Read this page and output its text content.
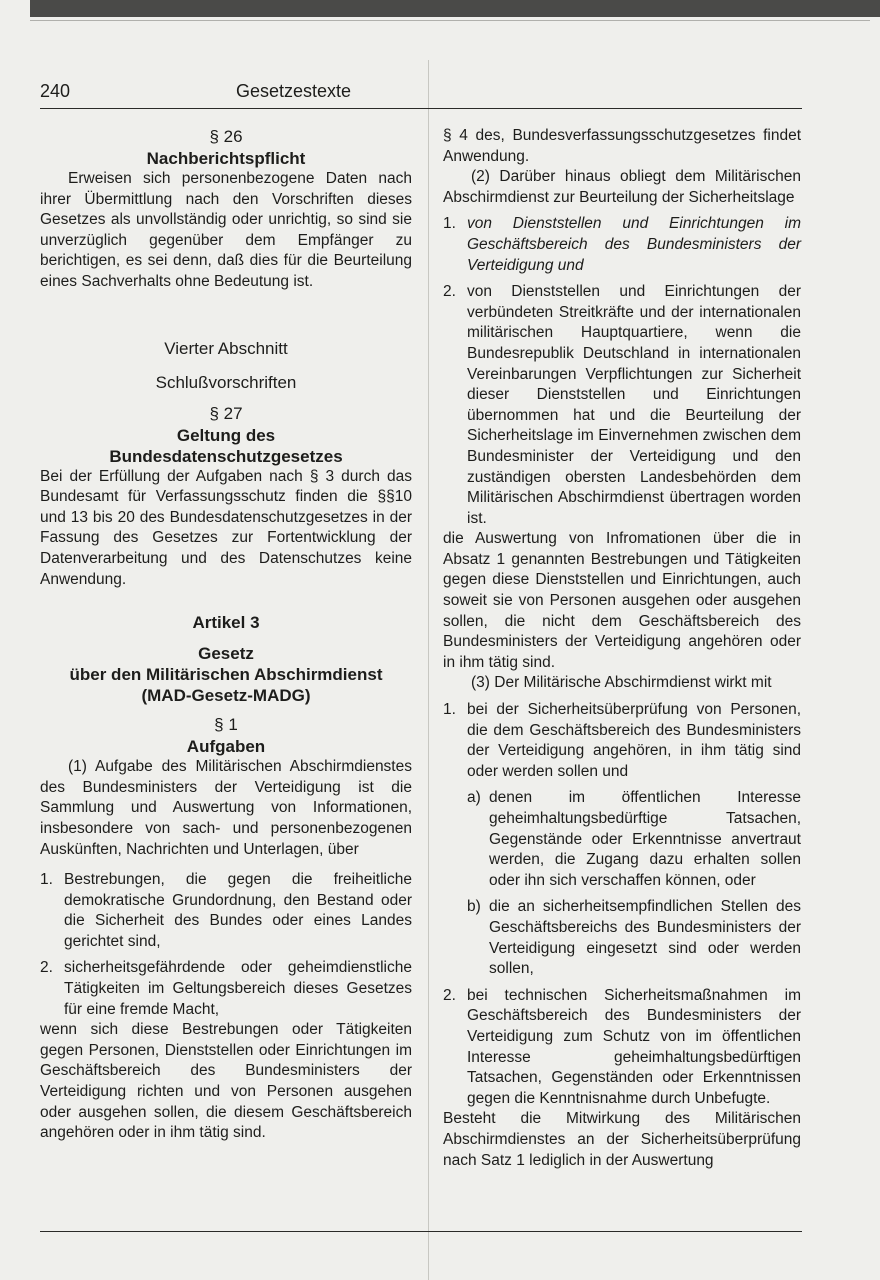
240	Gesetzestexte
§ 26
Nachberichtspflicht

Erweisen sich personenbezogene Daten nach ihrer Übermittlung nach den Vorschriften dieses Gesetzes als unvollständig oder unrichtig, so sind sie unverzüglich gegenüber dem Empfänger zu berichtigen, es sei denn, daß dies für die Beurteilung eines Sachverhalts ohne Bedeutung ist.

Vierter Abschnitt
Schlußvorschriften
§ 27
Geltung des Bundesdatenschutzgesetzes

Bei der Erfüllung der Aufgaben nach § 3 durch das Bundesamt für Verfassungsschutz finden die §§10 und 13 bis 20 des Bundesdatenschutzgesetzes in der Fassung des Gesetzes zur Fortentwicklung der Datenverarbeitung und des Datenschutzes keine Anwendung.

Artikel 3
Gesetz
über den Militärischen Abschirmdienst
(MAD-Gesetz-MADG)
§ 1
Aufgaben

(1) Aufgabe des Militärischen Abschirmdienstes des Bundesministers der Verteidigung ist die Sammlung und Auswertung von Informationen, insbesondere von sach- und personenbezogenen Auskünften, Nachrichten und Unterlagen, über

1. Bestrebungen, die gegen die freiheitliche demokratische Grundordnung, den Bestand oder die Sicherheit des Bundes oder eines Landes gerichtet sind,
2. sicherheitsgefährdende oder geheimdienstliche Tätigkeiten im Geltungsbereich dieses Gesetzes für eine fremde Macht,

wenn sich diese Bestrebungen oder Tätigkeiten gegen Personen, Dienststellen oder Einrichtungen im Geschäftsbereich des Bundesministers der Verteidigung richten und von Personen ausgehen oder ausgehen sollen, die diesem Geschäftsbereich angehören oder in ihm tätig sind.

§ 4 des, Bundesverfassungsschutzgesetzes findet Anwendung.

(2) Darüber hinaus obliegt dem Militärischen Abschirmdienst zur Beurteilung der Sicherheitslage

1. von Dienststellen und Einrichtungen im Geschäftsbereich des Bundesministers der Verteidigung und
2. von Dienststellen und Einrichtungen der verbündeten Streitkräfte und der internationalen militärischen Hauptquartiere, wenn die Bundesrepublik Deutschland in internationalen Vereinbarungen Verpflichtungen zur Sicherheit dieser Dienststellen und Einrichtungen übernommen hat und die Beurteilung der Sicherheitslage im Einvernehmen zwischen dem Bundesminister der Verteidigung und den zuständigen obersten Landesbehörden dem Militärischen Abschirmdienst übertragen worden ist.

die Auswertung von Infromationen über die in Absatz 1 genannten Bestrebungen und Tätigkeiten gegen diese Dienststellen und Einrichtungen, auch soweit sie von Personen ausgehen oder ausgehen sollen, die nicht dem Geschäftsbereich des Bundesministers der Verteidigung angehören oder in ihm tätig sind.

(3) Der Militärische Abschirmdienst wirkt mit

1. bei der Sicherheitsüberprüfung von Personen, die dem Geschäftsbereich des Bundesministers der Verteidigung angehören, in ihm tätig sind oder werden sollen und
a) denen im öffentlichen Interesse geheimhaltungsbedürftige Tatsachen, Gegenstände oder Erkenntnisse anvertraut werden, die Zugang dazu erhalten sollen oder ihn sich verschaffen können, oder
b) die an sicherheitsempfindlichen Stellen des Geschäftsbereichs des Bundesministers der Verteidigung eingesetzt sind oder werden sollen,
2. bei technischen Sicherheitsmaßnahmen im Geschäftsbereich des Bundesministers der Verteidigung zum Schutz von im öffentlichen Interesse geheimhaltungsbedürftigen Tatsachen, Gegenständen oder Erkenntnissen gegen die Kenntnisnahme durch Unbefugte.

Besteht die Mitwirkung des Militärischen Abschirmdienstes an der Sicherheitsüberprüfung nach Satz 1 lediglich in der Auswertung
